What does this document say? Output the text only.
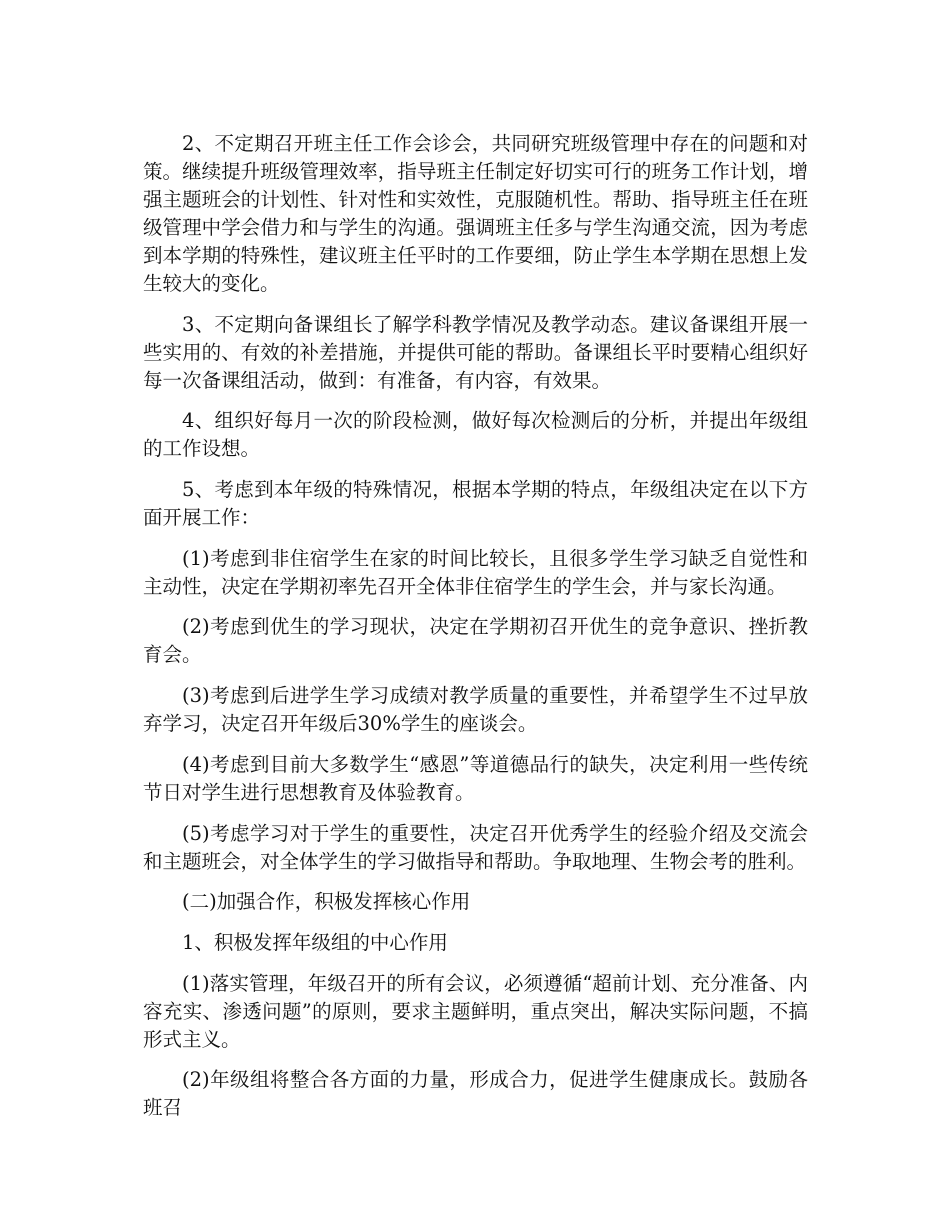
2、不定期召开班主任工作会诊会，共同研究班级管理中存在的问题和对策。继续提升班级管理效率，指导班主任制定好切实可行的班务工作计划，增强主题班会的计划性、针对性和实效性，克服随机性。帮助、指导班主任在班级管理中学会借力和与学生的沟通。强调班主任多与学生沟通交流，因为考虑到本学期的特殊性，建议班主任平时的工作要细，防止学生本学期在思想上发生较大的变化。

3、不定期向备课组长了解学科教学情况及教学动态。建议备课组开展一些实用的、有效的补差措施，并提供可能的帮助。备课组长平时要精心组织好每一次备课组活动，做到：有准备，有内容，有效果。

4、组织好每月一次的阶段检测，做好每次检测后的分析，并提出年级组的工作设想。

5、考虑到本年级的特殊情况，根据本学期的特点，年级组决定在以下方面开展工作：

(1)考虑到非住宿学生在家的时间比较长，且很多学生学习缺乏自觉性和主动性，决定在学期初率先召开全体非住宿学生的学生会，并与家长沟通。

(2)考虑到优生的学习现状，决定在学期初召开优生的竞争意识、挫折教育会。

(3)考虑到后进学生学习成绩对教学质量的重要性，并希望学生不过早放弃学习，决定召开年级后30%学生的座谈会。

(4)考虑到目前大多数学生“感恩”等道德品行的缺失，决定利用一些传统节日对学生进行思想教育及体验教育。

(5)考虑学习对于学生的重要性，决定召开优秀学生的经验介绍及交流会和主题班会，对全体学生的学习做指导和帮助。争取地理、生物会考的胜利。

(二)加强合作，积极发挥核心作用

1、积极发挥年级组的中心作用

(1)落实管理，年级召开的所有会议，必须遵循“超前计划、充分准备、内容充实、渗透问题”的原则，要求主题鲜明，重点突出，解决实际问题，不搞形式主义。

(2)年级组将整合各方面的力量，形成合力，促进学生健康成长。鼓励各班召
